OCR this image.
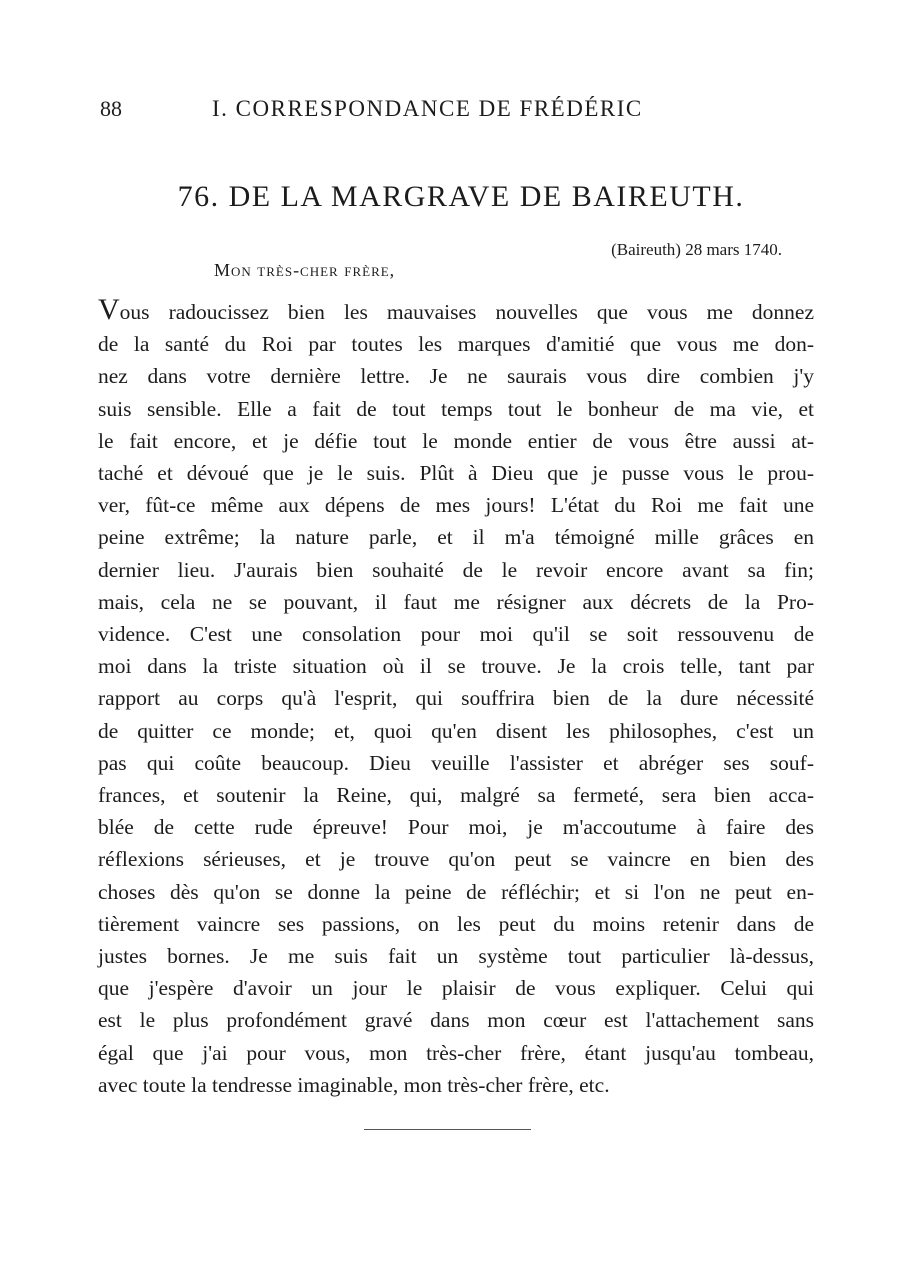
88	I. CORRESPONDANCE DE FRÉDÉRIC
76. DE LA MARGRAVE DE BAIREUTH.
(Baireuth) 28 mars 1740.
Mon très-cher frère,
Vous radoucissez bien les mauvaises nouvelles que vous me donnez
de la santé du Roi par toutes les marques d'amitié que vous me don-
nez dans votre dernière lettre. Je ne saurais vous dire combien j'y
suis sensible. Elle a fait de tout temps tout le bonheur de ma vie, et
le fait encore, et je défie tout le monde entier de vous être aussi at-
taché et dévoué que je le suis. Plût à Dieu que je pusse vous le prou-
ver, fût-ce même aux dépens de mes jours! L'état du Roi me fait une
peine extrême; la nature parle, et il m'a témoigné mille grâces en
dernier lieu. J'aurais bien souhaité de le revoir encore avant sa fin;
mais, cela ne se pouvant, il faut me résigner aux décrets de la Pro-
vidence. C'est une consolation pour moi qu'il se soit ressouvenu de
moi dans la triste situation où il se trouve. Je la crois telle, tant par
rapport au corps qu'à l'esprit, qui souffrira bien de la dure nécessité
de quitter ce monde; et, quoi qu'en disent les philosophes, c'est un
pas qui coûte beaucoup. Dieu veuille l'assister et abréger ses souf-
frances, et soutenir la Reine, qui, malgré sa fermeté, sera bien acca-
blée de cette rude épreuve! Pour moi, je m'accoutume à faire des
réflexions sérieuses, et je trouve qu'on peut se vaincre en bien des
choses dès qu'on se donne la peine de réfléchir; et si l'on ne peut en-
tièrement vaincre ses passions, on les peut du moins retenir dans de
justes bornes. Je me suis fait un système tout particulier là-dessus,
que j'espère d'avoir un jour le plaisir de vous expliquer. Celui qui
est le plus profondément gravé dans mon cœur est l'attachement sans
égal que j'ai pour vous, mon très-cher frère, étant jusqu'au tombeau,
avec toute la tendresse imaginable, mon très-cher frère, etc.
